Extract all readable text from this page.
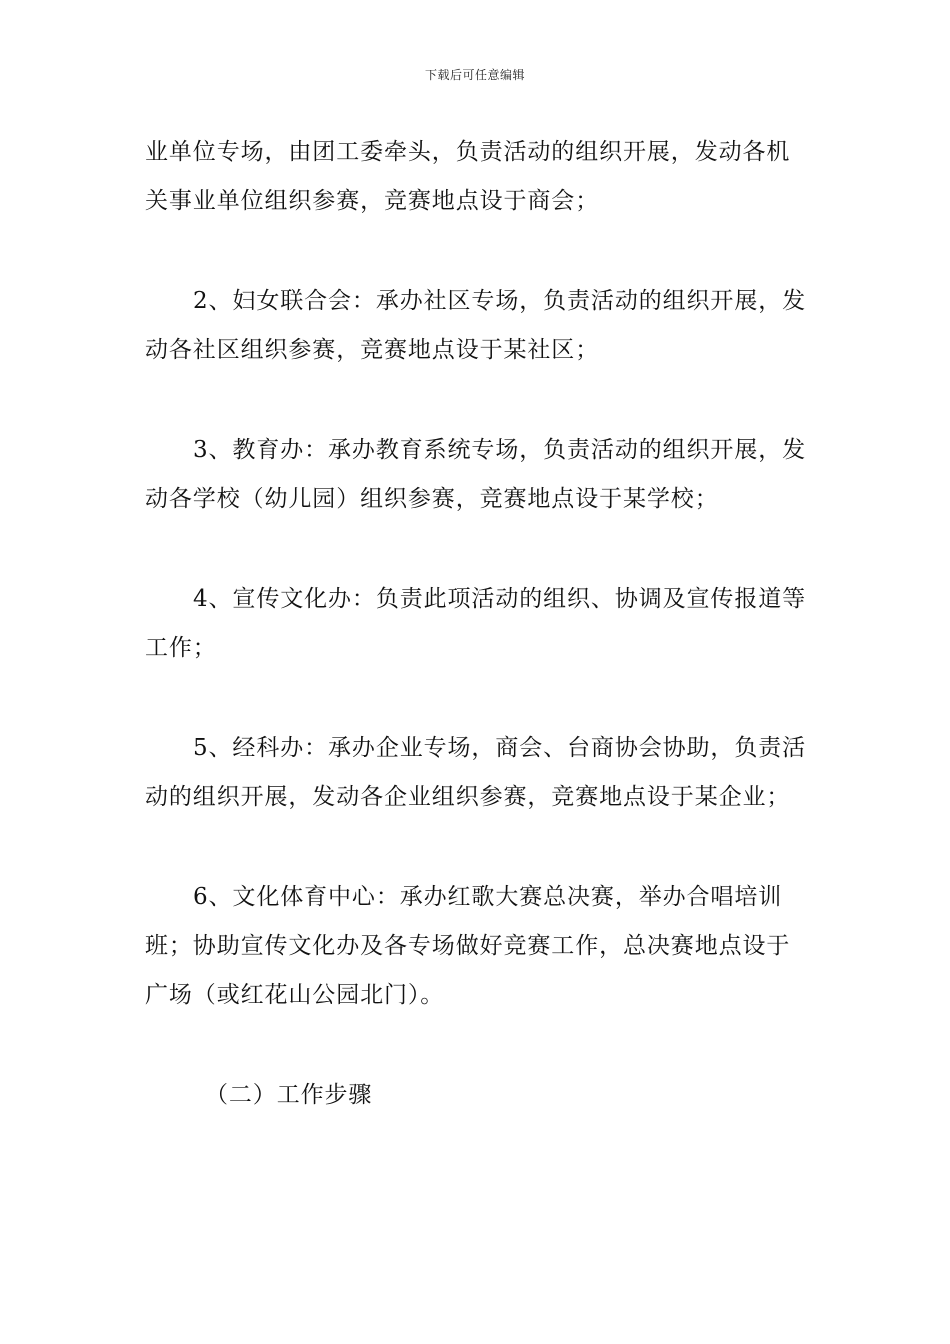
下载后可任意编辑

业单位专场，由团工委牵头，负责活动的组织开展，发动各机关事业单位组织参赛，竞赛地点设于商会；

2、妇女联合会：承办社区专场，负责活动的组织开展，发动各社区组织参赛，竞赛地点设于某社区；

3、教育办：承办教育系统专场，负责活动的组织开展，发动各学校（幼儿园）组织参赛，竞赛地点设于某学校；

4、宣传文化办：负责此项活动的组织、协调及宣传报道等工作；

5、经科办：承办企业专场，商会、台商协会协助，负责活动的组织开展，发动各企业组织参赛，竞赛地点设于某企业；

6、文化体育中心：承办红歌大赛总决赛，举办合唱培训班；协助宣传文化办及各专场做好竞赛工作，总决赛地点设于广场（或红花山公园北门）。

（二）工作步骤
